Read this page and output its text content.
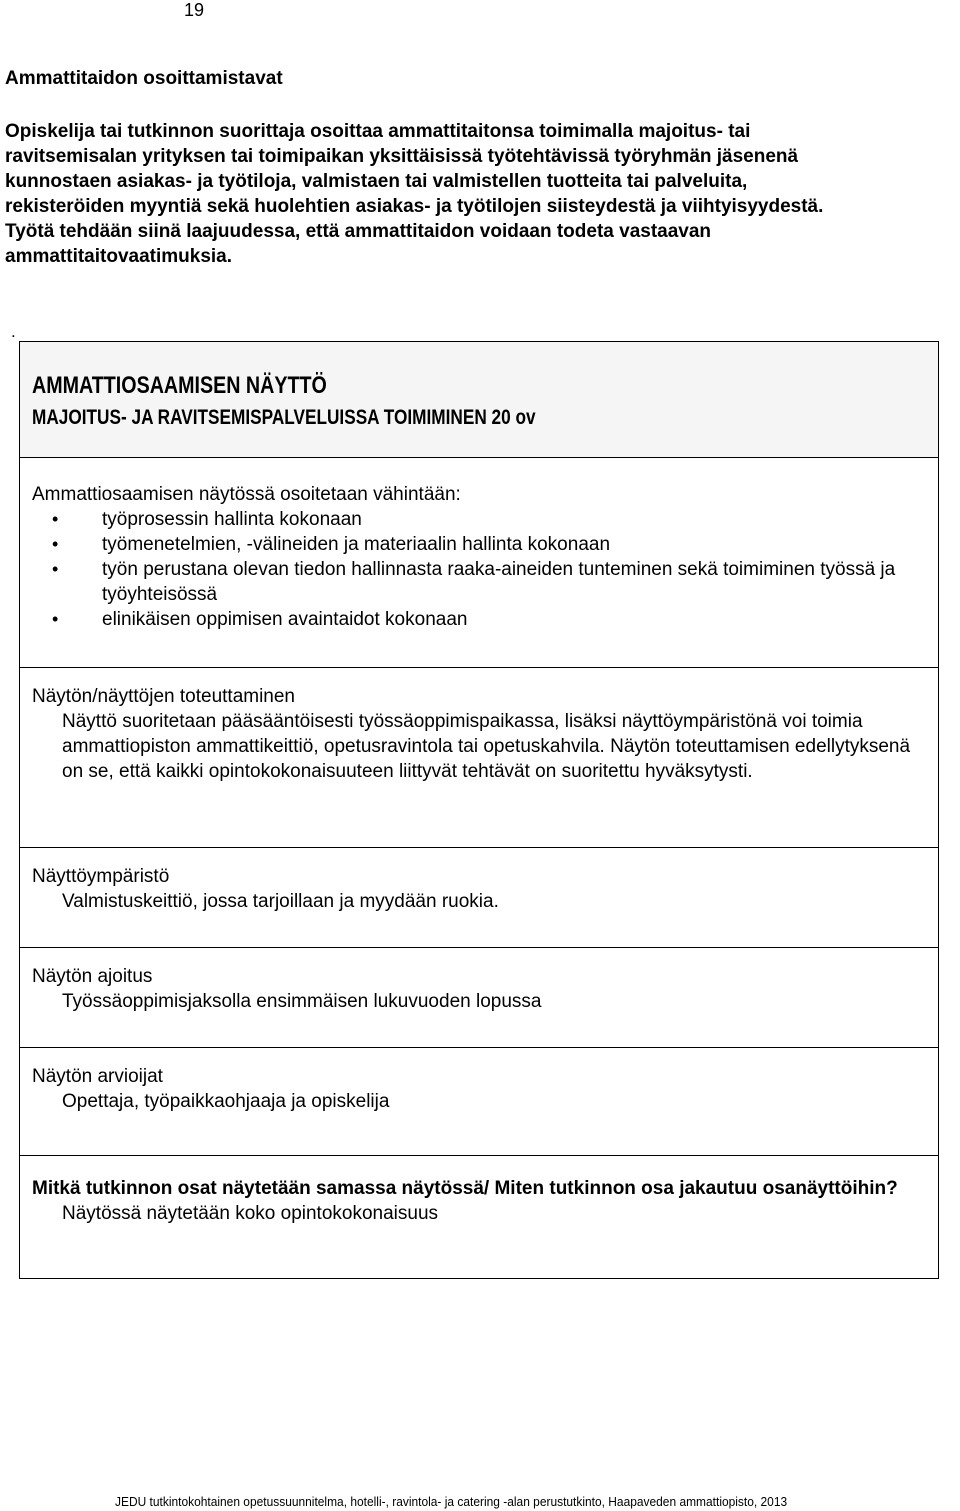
19
Ammattitaidon osoittamistavat

Opiskelija tai tutkinnon suorittaja osoittaa ammattitaitonsa toimimalla majoitus- tai

ravitsemisalan yrityksen tai toimipaikan yksittäisissä työtehtävissä työryhmän jäsenenä

kunnostaen asiakas- ja työtiloja, valmistaen tai valmistellen tuotteita tai palveluita,

rekisteröiden myyntiä sekä huolehtien asiakas- ja työtilojen siisteydestä ja viihtyisyydestä.

Työtä tehdään siinä laajuudessa, että ammattitaidon voidaan todeta vastaavan

ammattitaitovaatimuksia.

.
AMMATTIOSAAMISEN NÄYTTÖ
MAJOITUS- JA RAVITSEMISPALVELUISSA TOIMIMINEN 20 ov

Ammattiosaamisen näytössä osoitetaan vähintään:

• työprosessin hallinta kokonaan
• työmenetelmien, -välineiden ja materiaalin hallinta kokonaan
• työn perustana olevan tiedon hallinnasta raaka-aineiden tunteminen sekä toimiminen työssä ja työyhteisössä
• elinikäisen oppimisen avaintaidot kokonaan

Näytön/näyttöjen toteuttaminen

Näyttö suoritetaan pääsääntöisesti työssäoppimispaikassa, lisäksi näyttöympäristönä voi toimia ammattiopiston ammattikeittiö, opetusravintola tai opetuskahvila. Näytön toteuttamisen edellytyksenä on se, että kaikki opintokokonaisuuteen liittyvät tehtävät on suoritettu hyväksytysti.

Näyttöympäristö

Valmistuskeittiö, jossa tarjoillaan ja myydään ruokia.

Näytön ajoitus

Työssäoppimisjaksolla ensimmäisen lukuvuoden lopussa

Näytön arvioijat

Opettaja, työpaikkaohjaaja ja opiskelija

Mitkä tutkinnon osat näytetään samassa näytössä/ Miten tutkinnon osa jakautuu osanäyttöihin?

Näytössä näytetään koko opintokokonaisuus

JEDU tutkintokohtainen opetussuunnitelma, hotelli-, ravintola- ja catering -alan perustutkinto, Haapaveden ammattiopisto, 2013
